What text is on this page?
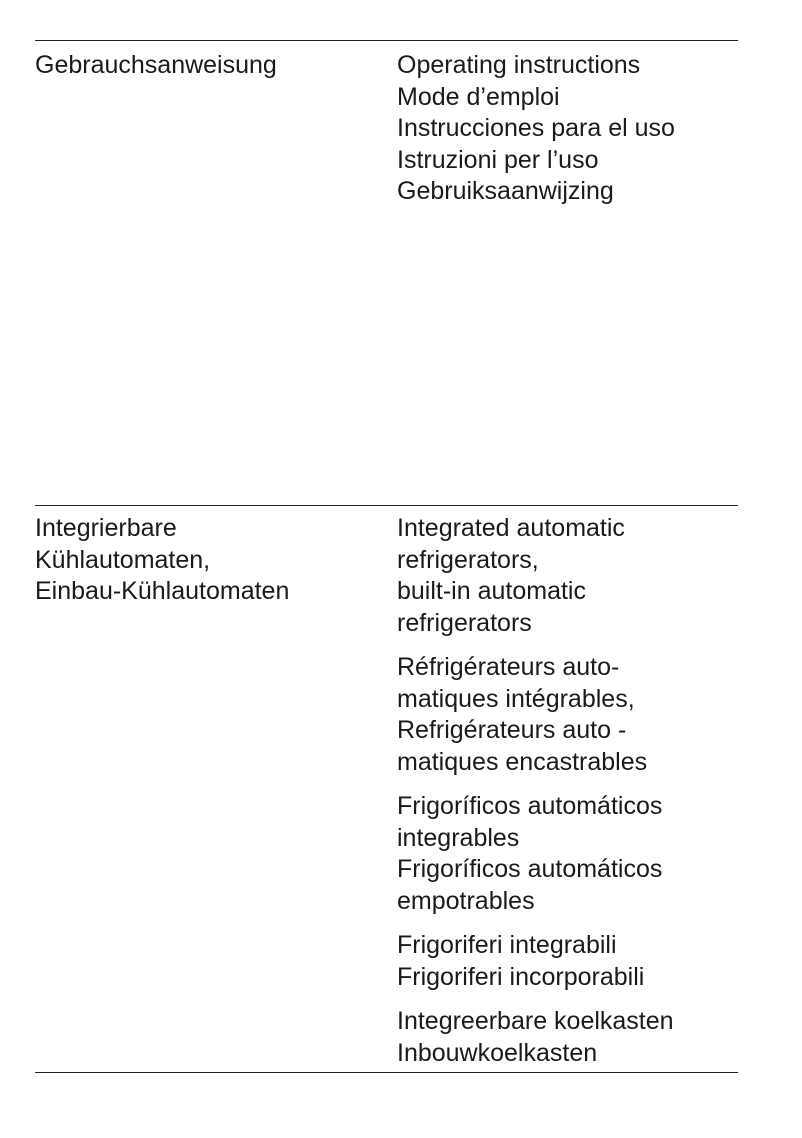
Gebrauchsanweisung	Operating instructions
Mode d’emploi
Instrucciones para el uso
Istruzioni per l’uso
Gebruiksaanwijzing
Integrierbare
Kühlautomaten,
Einbau-Kühlautomaten
Integrated automatic
refrigerators,
built-in automatic
refrigerators
Réfrigérateurs auto-
matiques intégrables,
Refrigérateurs auto -
matiques encastrables
Frigoríficos automáticos
integrables
Frigoríficos automáticos
empotrables
Frigoriferi integrabili
Frigoriferi incorporabili
Integreerbare koelkasten
Inbouwkoelkasten
